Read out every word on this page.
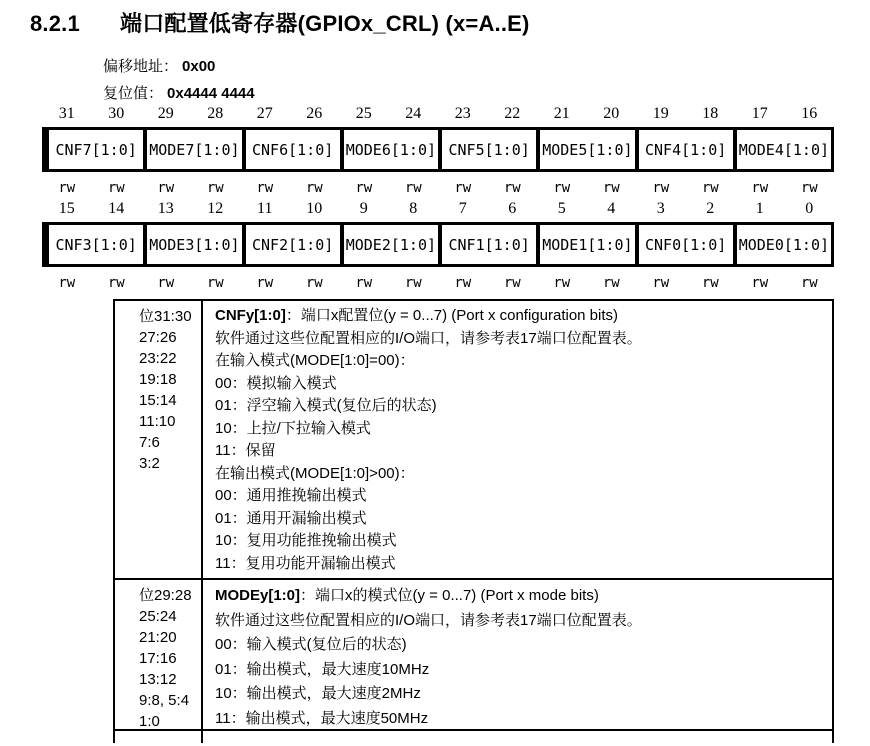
8.2.1	端口配置低寄存器(GPIOx_CRL) (x=A..E)
偏移地址： 0x00
复位值： 0x4444 4444
31	30	29	28	27	26	25	24	23	22	21	20	19	18	17	16
CNF7[1:0] MODE7[1:0] CNF6[1:0] MODE6[1:0] CNF5[1:0] MODE5[1:0] CNF4[1:0] MODE4[1:0]
rw	rw	rw	rw	rw	rw	rw	rw	rw	rw	rw	rw	rw	rw	rw	rw
15	14	13	12	11	10	9	8	7	6	5	4	3	2	1	0
CNF3[1:0] MODE3[1:0] CNF2[1:0] MODE2[1:0] CNF1[1:0] MODE1[1:0] CNF0[1:0] MODE0[1:0]
rw	rw	rw	rw	rw	rw	rw	rw	rw	rw	rw	rw	rw	rw	rw	rw
位31:30
27:26
23:22
19:18
15:14
11:10
7:6
3:2
CNFy[1:0]：端口x配置位(y = 0...7) (Port x configuration bits)
软件通过这些位配置相应的I/O端口，请参考表17端口位配置表。
在输入模式(MODE[1:0]=00)：
00：模拟输入模式
01：浮空输入模式(复位后的状态)
10：上拉/下拉输入模式
11：保留
在输出模式(MODE[1:0]>00)：
00：通用推挽输出模式
01：通用开漏输出模式
10：复用功能推挽输出模式
11：复用功能开漏输出模式
位29:28
25:24
21:20
17:16
13:12
9:8, 5:4
1:0
MODEy[1:0]：端口x的模式位(y = 0...7) (Port x mode bits)
软件通过这些位配置相应的I/O端口，请参考表17端口位配置表。
00：输入模式(复位后的状态)
01：输出模式，最大速度10MHz
10：输出模式，最大速度2MHz
11：输出模式，最大速度50MHz
